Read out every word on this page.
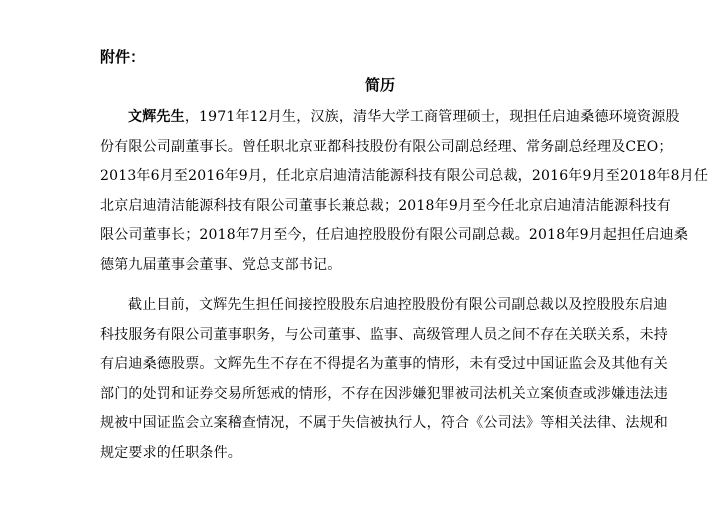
附件：
简历
文辉先生，1971年12月生，汉族，清华大学工商管理硕士，现担任启迪桑德环境资源股
份有限公司副董事长。曾任职北京亚都科技股份有限公司副总经理、常务副总经理及CEO；
2013年6月至2016年9月，任北京启迪清洁能源科技有限公司总裁，2016年9月至2018年8月任
北京启迪清洁能源科技有限公司董事长兼总裁；2018年9月至今任北京启迪清洁能源科技有
限公司董事长；2018年7月至今，任启迪控股股份有限公司副总裁。2018年9月起担任启迪桑
德第九届董事会董事、党总支部书记。
截止目前，文辉先生担任间接控股股东启迪控股股份有限公司副总裁以及控股股东启迪
科技服务有限公司董事职务，与公司董事、监事、高级管理人员之间不存在关联关系，未持
有启迪桑德股票。文辉先生不存在不得提名为董事的情形，未有受过中国证监会及其他有关
部门的处罚和证券交易所惩戒的情形，不存在因涉嫌犯罪被司法机关立案侦查或涉嫌违法违
规被中国证监会立案稽查情况，不属于失信被执行人，符合《公司法》等相关法律、法规和
规定要求的任职条件。
